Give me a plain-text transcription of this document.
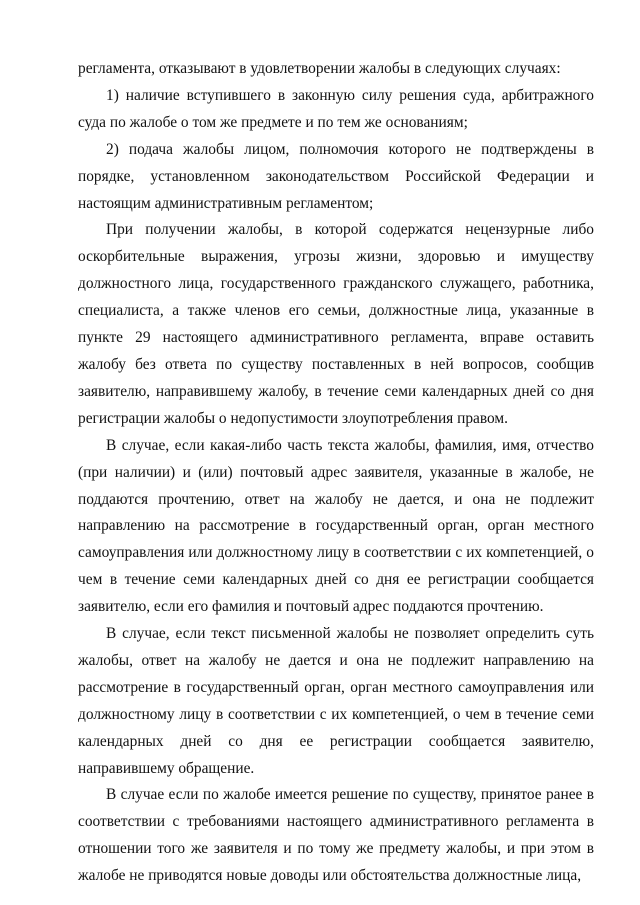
регламента, отказывают в удовлетворении жалобы в следующих случаях:

1) наличие вступившего в законную силу решения суда, арбитражного суда по жалобе о том же предмете и по тем же основаниям;

2) подача жалобы лицом, полномочия которого не подтверждены в порядке, установленном законодательством Российской Федерации и настоящим административным регламентом;

При получении жалобы, в которой содержатся нецензурные либо оскорбительные выражения, угрозы жизни, здоровью и имуществу должностного лица, государственного гражданского служащего, работника, специалиста, а также членов его семьи, должностные лица, указанные в пункте 29 настоящего административного регламента, вправе оставить жалобу без ответа по существу поставленных в ней вопросов, сообщив заявителю, направившему жалобу, в течение семи календарных дней со дня регистрации жалобы о недопустимости злоупотребления правом.

В случае, если какая-либо часть текста жалобы, фамилия, имя, отчество (при наличии) и (или) почтовый адрес заявителя, указанные в жалобе, не поддаются прочтению, ответ на жалобу не дается, и она не подлежит направлению на рассмотрение в государственный орган, орган местного самоуправления или должностному лицу в соответствии с их компетенцией, о чем в течение семи календарных дней со дня ее регистрации сообщается заявителю, если его фамилия и почтовый адрес поддаются прочтению.

В случае, если текст письменной жалобы не позволяет определить суть жалобы, ответ на жалобу не дается и она не подлежит направлению на рассмотрение в государственный орган, орган местного самоуправления или должностному лицу в соответствии с их компетенцией, о чем в течение семи календарных дней со дня ее регистрации сообщается заявителю, направившему обращение.

В случае если по жалобе имеется решение по существу, принятое ранее в соответствии с требованиями настоящего административного регламента в отношении того же заявителя и по тому же предмету жалобы, и при этом в жалобе не приводятся новые доводы или обстоятельства должностные лица,
